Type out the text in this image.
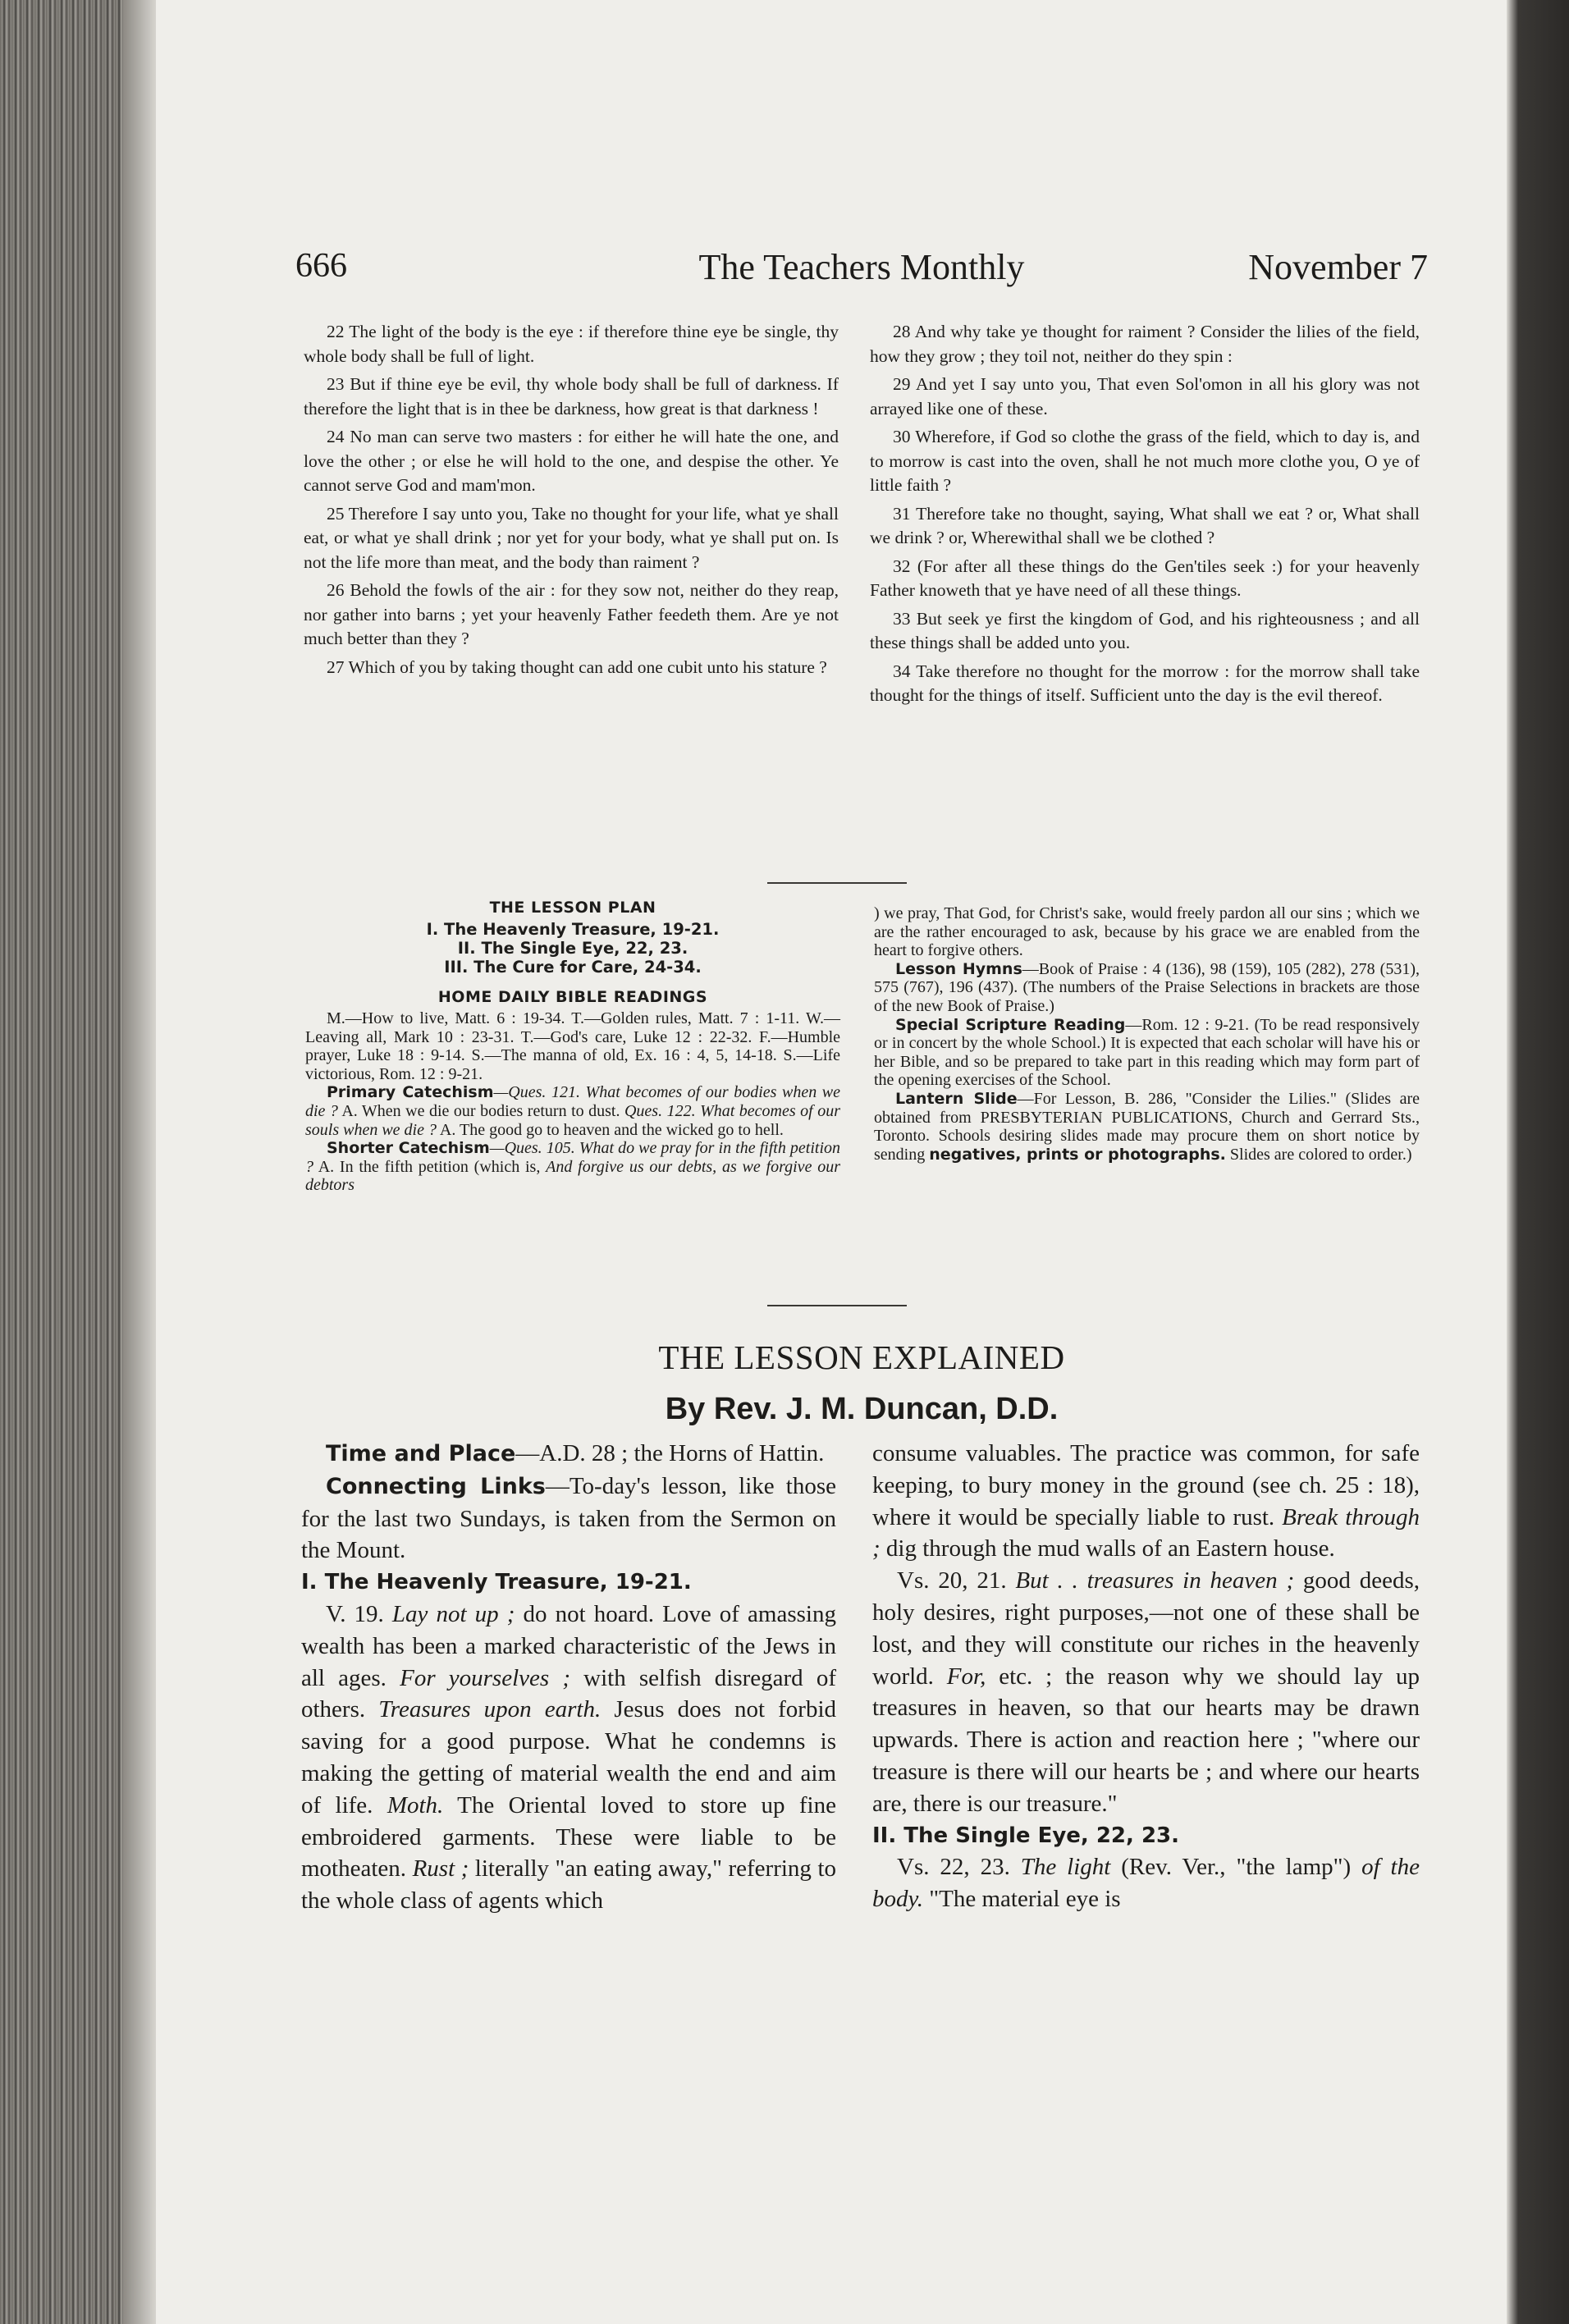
666	The Teachers Monthly	November 7

22 The light of the body is the eye : if therefore thine eye be single, thy whole body shall be full of light.

23 But if thine eye be evil, thy whole body shall be full of darkness. If therefore the light that is in thee be darkness, how great is that darkness !

24 No man can serve two masters : for either he will hate the one, and love the other ; or else he will hold to the one, and despise the other. Ye cannot serve God and mam'mon.

25 Therefore I say unto you, Take no thought for your life, what ye shall eat, or what ye shall drink ; nor yet for your body, what ye shall put on. Is not the life more than meat, and the body than raiment ?

26 Behold the fowls of the air : for they sow not, neither do they reap, nor gather into barns ; yet your heavenly Father feedeth them. Are ye not much better than they ?

27 Which of you by taking thought can add one cubit unto his stature ?

28 And why take ye thought for raiment ? Consider the lilies of the field, how they grow ; they toil not, neither do they spin :

29 And yet I say unto you, That even Sol'omon in all his glory was not arrayed like one of these.

30 Wherefore, if God so clothe the grass of the field, which to day is, and to morrow is cast into the oven, shall he not much more clothe you, O ye of little faith ?

31 Therefore take no thought, saying, What shall we eat ? or, What shall we drink ? or, Wherewithal shall we be clothed ?

32 (For after all these things do the Gen'tiles seek :) for your heavenly Father knoweth that ye have need of all these things.

33 But seek ye first the kingdom of God, and his righteousness ; and all these things shall be added unto you.

34 Take therefore no thought for the morrow : for the morrow shall take thought for the things of itself. Sufficient unto the day is the evil thereof.

THE LESSON PLAN

I. The Heavenly Treasure, 19-21.

II. The Single Eye, 22, 23.

III. The Cure for Care, 24-34.

HOME DAILY BIBLE READINGS

M.—How to live, Matt. 6 : 19-34. T.—Golden rules, Matt. 7 : 1-11. W.—Leaving all, Mark 10 : 23-31. T.—God's care, Luke 12 : 22-32. F.—Humble prayer, Luke 18 : 9-14. S.—The manna of old, Ex. 16 : 4, 5, 14-18. S.—Life victorious, Rom. 12 : 9-21.

Primary Catechism—Ques. 121. What becomes of our bodies when we die ? A. When we die our bodies return to dust. Ques. 122. What becomes of our souls when we die ? A. The good go to heaven and the wicked go to hell.

Shorter Catechism—Ques. 105. What do we pray for in the fifth petition ? A. In the fifth petition (which is, And forgive us our debts, as we forgive our debtors

) we pray, That God, for Christ's sake, would freely pardon all our sins ; which we are the rather encouraged to ask, because by his grace we are enabled from the heart to forgive others.

Lesson Hymns—Book of Praise : 4 (136), 98 (159), 105 (282), 278 (531), 575 (767), 196 (437). (The numbers of the Praise Selections in brackets are those of the new Book of Praise.)

Special Scripture Reading—Rom. 12 : 9-21. (To be read responsively or in concert by the whole School.) It is expected that each scholar will have his or her Bible, and so be prepared to take part in this reading which may form part of the opening exercises of the School.

Lantern Slide—For Lesson, B. 286, "Consider the Lilies." (Slides are obtained from PRESBYTERIAN PUBLICATIONS, Church and Gerrard Sts., Toronto. Schools desiring slides made may procure them on short notice by sending negatives, prints or photographs. Slides are colored to order.)

THE LESSON EXPLAINED
By Rev. J. M. Duncan, D.D.

Time and Place—A.D. 28 ; the Horns of Hattin.

Connecting Links—To-day's lesson, like those for the last two Sundays, is taken from the Sermon on the Mount.

I. The Heavenly Treasure, 19-21.

V. 19. Lay not up ; do not hoard. Love of amassing wealth has been a marked characteristic of the Jews in all ages. For yourselves ; with selfish disregard of others. Treasures upon earth. Jesus does not forbid saving for a good purpose. What he condemns is making the getting of material wealth the end and aim of life. Moth. The Oriental loved to store up fine embroidered garments. These were liable to be motheaten. Rust ; literally "an eating away," referring to the whole class of agents which

consume valuables. The practice was common, for safe keeping, to bury money in the ground (see ch. 25 : 18), where it would be specially liable to rust. Break through ; dig through the mud walls of an Eastern house.

Vs. 20, 21. But . . treasures in heaven ; good deeds, holy desires, right purposes,—not one of these shall be lost, and they will constitute our riches in the heavenly world. For, etc. ; the reason why we should lay up treasures in heaven, so that our hearts may be drawn upwards. There is action and reaction here ; "where our treasure is there will our hearts be ; and where our hearts are, there is our treasure."

II. The Single Eye, 22, 23.

Vs. 22, 23. The light (Rev. Ver., "the lamp") of the body. "The material eye is
